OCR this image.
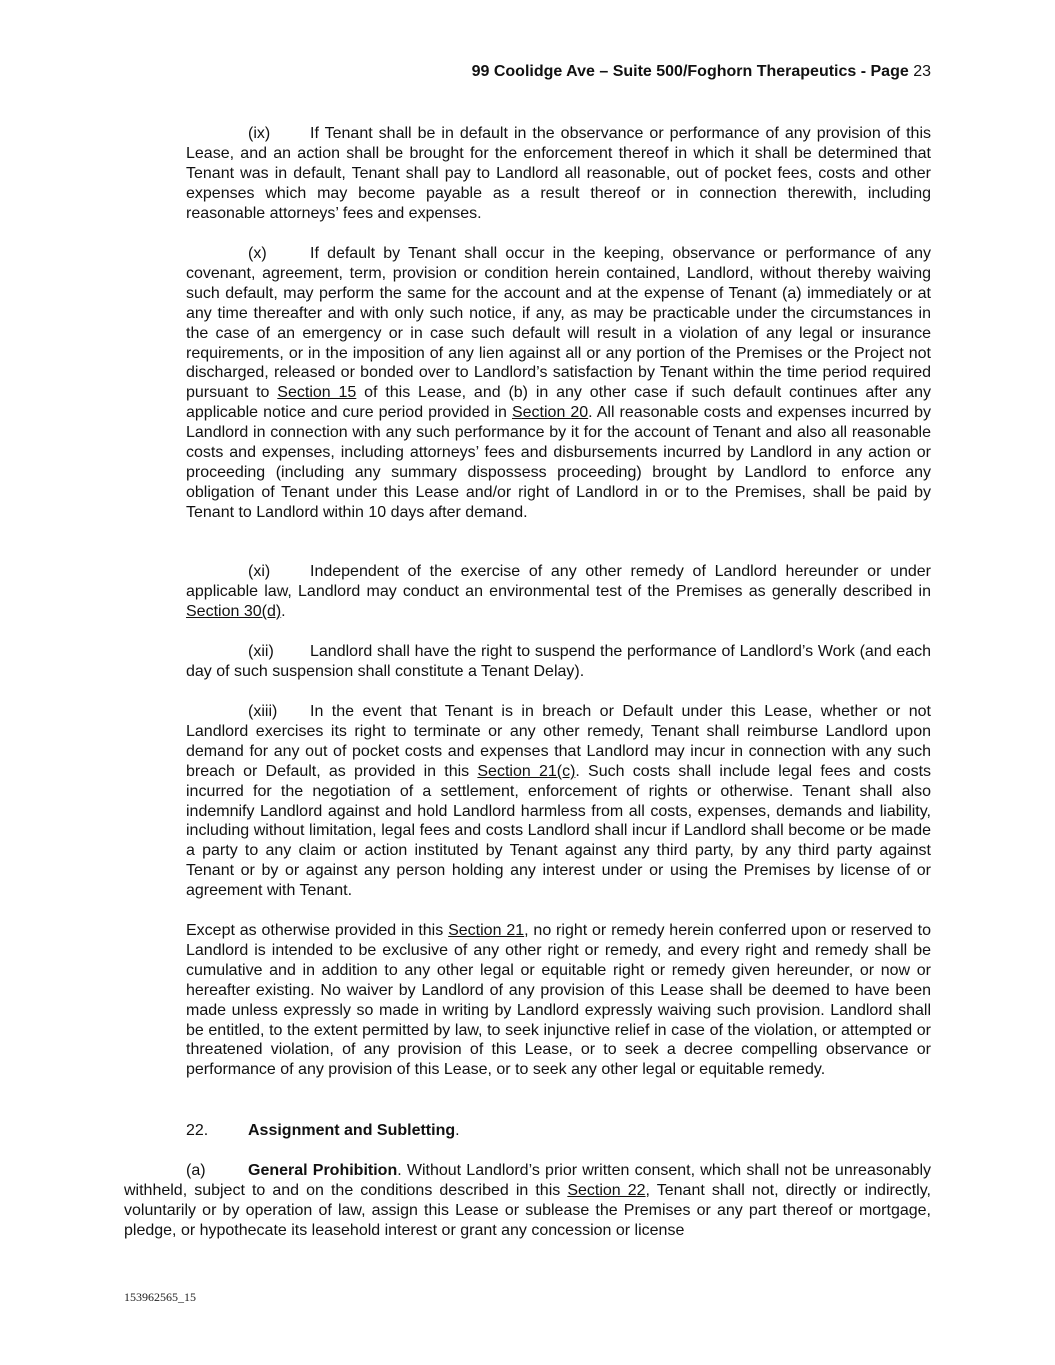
99 Coolidge Ave – Suite 500/Foghorn Therapeutics - Page 23
(ix) If Tenant shall be in default in the observance or performance of any provision of this Lease, and an action shall be brought for the enforcement thereof in which it shall be determined that Tenant was in default, Tenant shall pay to Landlord all reasonable, out of pocket fees, costs and other expenses which may become payable as a result thereof or in connection therewith, including reasonable attorneys’ fees and expenses.
(x)	If default by Tenant shall occur in the keeping, observance or performance of any covenant, agreement, term, provision or condition herein contained, Landlord, without thereby waiving such default, may perform the same for the account and at the expense of Tenant (a) immediately or at any time thereafter and with only such notice, if any, as may be practicable under the circumstances in the case of an emergency or in case such default will result in a violation of any legal or insurance requirements, or in the imposition of any lien against all or any portion of the Premises or the Project not discharged, released or bonded over to Landlord’s satisfaction by Tenant within the time period required pursuant to Section 15 of this Lease, and (b) in any other case if such default continues after any applicable notice and cure period provided in Section 20. All reasonable costs and expenses incurred by Landlord in connection with any such performance by it for the account of Tenant and also all reasonable costs and expenses, including attorneys’ fees and disbursements incurred by Landlord in any action or proceeding (including any summary dispossess proceeding) brought by Landlord to enforce any obligation of Tenant under this Lease and/or right of Landlord in or to the Premises, shall be paid by Tenant to Landlord within 10 days after demand.
(xi) Independent of the exercise of any other remedy of Landlord hereunder or under applicable law, Landlord may conduct an environmental test of the Premises as generally described in Section 30(d).
(xii) Landlord shall have the right to suspend the performance of Landlord’s Work (and each day of such suspension shall constitute a Tenant Delay).
(xiii) In the event that Tenant is in breach or Default under this Lease, whether or not Landlord exercises its right to terminate or any other remedy, Tenant shall reimburse Landlord upon demand for any out of pocket costs and expenses that Landlord may incur in connection with any such breach or Default, as provided in this Section 21(c). Such costs shall include legal fees and costs incurred for the negotiation of a settlement, enforcement of rights or otherwise. Tenant shall also indemnify Landlord against and hold Landlord harmless from all costs, expenses, demands and liability, including without limitation, legal fees and costs Landlord shall incur if Landlord shall become or be made a party to any claim or action instituted by Tenant against any third party, by any third party against Tenant or by or against any person holding any interest under or using the Premises by license of or agreement with Tenant.
Except as otherwise provided in this Section 21, no right or remedy herein conferred upon or reserved to Landlord is intended to be exclusive of any other right or remedy, and every right and remedy shall be cumulative and in addition to any other legal or equitable right or remedy given hereunder, or now or hereafter existing. No waiver by Landlord of any provision of this Lease shall be deemed to have been made unless expressly so made in writing by Landlord expressly waiving such provision. Landlord shall be entitled, to the extent permitted by law, to seek injunctive relief in case of the violation, or attempted or threatened violation, of any provision of this Lease, or to seek a decree compelling observance or performance of any provision of this Lease, or to seek any other legal or equitable remedy.
22. Assignment and Subletting.
(a)	General Prohibition. Without Landlord’s prior written consent, which shall not be unreasonably withheld, subject to and on the conditions described in this Section 22, Tenant shall not, directly or indirectly, voluntarily or by operation of law, assign this Lease or sublease the Premises or any part thereof or mortgage, pledge, or hypothecate its leasehold interest or grant any concession or license
153962565_15
